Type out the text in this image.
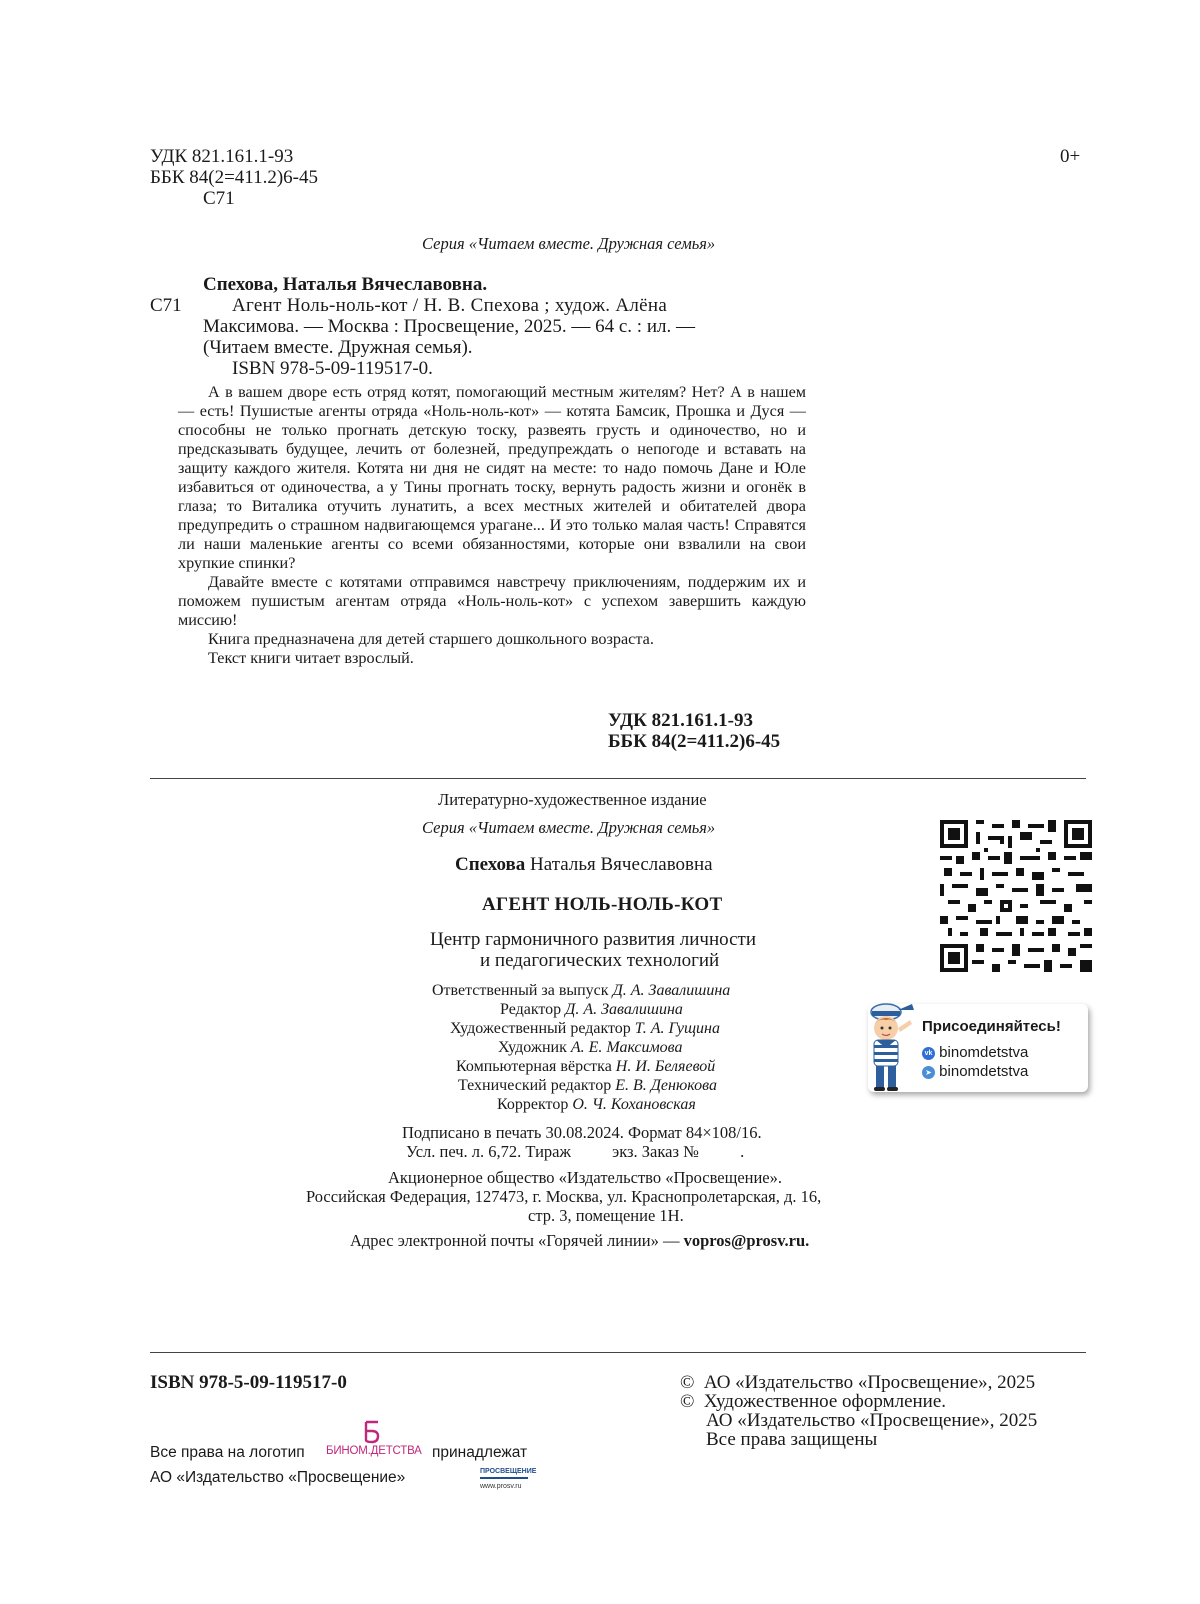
УДК 821.161.1-93
ББК 84(2=411.2)6-45
С71
0+
Серия «Читаем вместе. Дружная семья»
Спехова, Наталья Вячеславовна.
С71	Агент Ноль-ноль-кот / Н. В. Спехова ; худож. Алёна
Максимова. — Москва : Просвещение, 2025. — 64 с. : ил. —
(Читаем вместе. Дружная семья).
ISBN 978-5-09-119517-0.

А в вашем дворе есть отряд котят, помогающий местным жителям? Нет? А в нашем — есть! Пушистые агенты отряда «Ноль-ноль-кот» — котята Бамсик, Прошка и Дуся — способны не только прогнать детскую тоску, развеять грусть и одиночество, но и предсказывать будущее, лечить от болезней, предупреждать о непогоде и вставать на защиту каждого жителя. Котята ни дня не сидят на месте: то надо помочь Дане и Юле избавиться от одиночества, а у Тины прогнать тоску, вернуть радость жизни и огонёк в глаза; то Виталика отучить лунатить, а всех местных жителей и обитателей двора предупредить о страшном надвигающемся урагане... И это только малая часть! Справятся ли наши маленькие агенты со всеми обязанностями, которые они взвалили на свои хрупкие спинки?

Давайте вместе с котятами отправимся навстречу приключениям, поддержим их и поможем пушистым агентам отряда «Ноль-ноль-кот» с успехом завершить каждую миссию!

Книга предназначена для детей старшего дошкольного возраста.

Текст книги читает взрослый.

УДК 821.161.1-93
ББК 84(2=411.2)6-45
Литературно-художественное издание
Серия «Читаем вместе. Дружная семья»
Спехова Наталья Вячеславовна
АГЕНТ НОЛЬ-НОЛЬ-КОТ
Центр гармоничного развития личности
и педагогических технологий
Ответственный за выпуск Д. А. Завалишина
Редактор Д. А. Завалишина
Художественный редактор Т. А. Гущина
Художник А. Е. Максимова
Компьютерная вёрстка Н. И. Беляевой
Технический редактор Е. В. Денюкова
Корректор О. Ч. Кохановская
Подписано в печать 30.08.2024. Формат 84×108/16.
Усл. печ. л. 6,72. Тираж          экз. Заказ №          .
Акционерное общество «Издательство «Просвещение».
Российская Федерация, 127473, г. Москва, ул. Краснопролетарская, д. 16,
стр. 3, помещение 1Н.
Адрес электронной почты «Горячей линии» — vopros@prosv.ru.
Присоединяйтесь!
vk binomdetstva
➤ binomdetstva
ISBN 978-5-09-119517-0
Все права на логотип БИНОМ.ДЕТСТВА принадлежат
АО «Издательство «Просвещение»	ПРОСВЕЩЕНИЕ
www.prosv.ru
©  АО «Издательство «Просвещение», 2025
©  Художественное оформление.
АО «Издательство «Просвещение», 2025
Все права защищены
